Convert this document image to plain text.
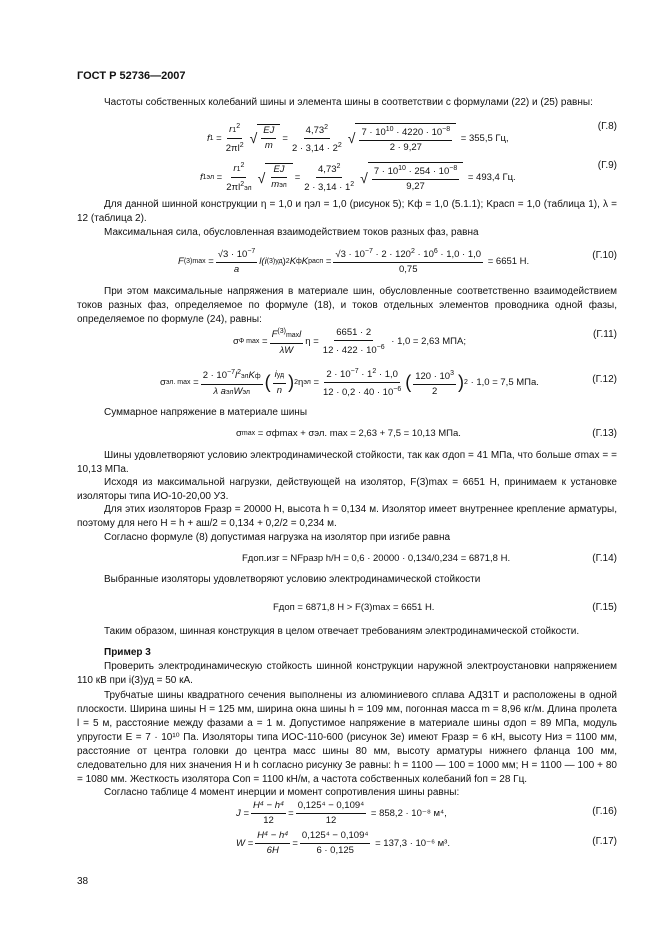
ГОСТ Р 52736—2007
Частоты собственных колебаний шины и элемента шины в соответствии с формулами (22) и (25) равны:
f $1 = \frac{r1^2}{2\pi l^2}$ √ $\frac{EJ}{m} = \frac{4,73^2}{2 \cdot 3,14 \cdot 2^2}$ √ $\frac{7 \cdot 10^{10} \cdot 4220 \cdot 10^{-8}}{2 \cdot 9,27}$
= 355,5 Гц,
(Г.8)
f $1эл = \frac{r1^2}{2\pi l^2эл}$ √ $\frac{EJ}{\text{mэл}} = \frac{4,73^2}{2 \cdot 3,14 \cdot 1^2}$ √ $\frac{7 \cdot 10^{10} \cdot 254 \cdot 10^{-8}}{9,27}$
= 493,4 Гц.
(Г.9)
Для данной шинной конструкции η = 1,0 и ηэл = 1,0 (рисунок 5); Kф = 1,0 (5.1.1); Kрасп = 1,0 (таблица 1), λ = 12 (таблица 2).
Максимальная сила, обусловленная взаимодействием токов разных фаз, равна
F (3) $\max = \frac{√3 \cdot 10^{-7}}{a} l(i$ (3) уд ) 2 K ф K расп = $\frac{√3 \cdot 10^{-7} \cdot 2 \cdot 120^2 \cdot 10^6 \cdot 1,0 \cdot 1,0}{0,75}$
= 6651 Н.
(Г.10)
При этом максимальные напряжения в материале шин, обусловленные соответственно взаимодействием токов разных фаз, определяемое по формуле (18), и токов отдельных элементов проводника одной фазы, определяемое по формуле (24), равны:
σ Ф $\max = \frac{F^{(3)}\max l}{\lambda W}$ $\eta = \frac{6651 \cdot 2}{12 \cdot 422 \cdot 10^{-6}}$
· 1,0 = 2,63 МПА;
(Г.11)
σ эл. $\max = \frac{2 \cdot 10^{-7}l^2элKф}{\text{λ aэлWэл}}$ ( $\frac{\text{iуд}}{n}$ ) 2 η эл = $\frac{2 \cdot 10^{-7} \cdot 1^2 \cdot 1,0}{12 \cdot 0,2 \cdot 40 \cdot 10^{-6}}$ ( $\frac{120 \cdot 10^3}{2}$ ) 2
· 1,0 = 7,5 МПа.	(Г.12)
Суммарное напряжение в материале шины
σ max
= σфmax + σэл. max = 2,63 + 7,5 = 10,13 МПа.	(Г.13)
Шины удовлетворяют условию электродинамической стойкости, так как σдоп = 41 МПа, что больше σmax = = 10,13 МПа.
Исходя из максимальной нагрузки, действующей на изолятор, F(3)max = 6651 Н, принимаем к установке изоляторы типа ИО-10-20,00 У3.
Для этих изоляторов Fразр = 20000 Н, высота h = 0,134 м. Изолятор имеет внутреннее крепление арматуры, поэтому для него H = h + aш/2 = 0,134 + 0,2/2 = 0,234 м.
Согласно формуле (8) допустимая нагрузка на изолятор при изгибе равна
Fдоп.изг = NFразр h/H = 0,6 · 20000 · 0,134/0,234 = 6871,8 Н.	(Г.14)
Выбранные изоляторы удовлетворяют условию электродинамической стойкости
Fдоп = 6871,8 Н > F(3)max = 6651 Н.	(Г.15)
Таким образом, шинная конструкция в целом отвечает требованиям электродинамической стойкости.
Пример 3
Проверить электродинамическую стойкость шинной конструкции наружной электроустановки напряжением 110 кВ при i(3)уд = 50 кА.
Трубчатые шины квадратного сечения выполнены из алюминиевого сплава АД31Т и расположены в одной плоскости. Ширина шины H = 125 мм, ширина окна шины h = 109 мм, погонная масса m = 8,96 кг/м. Длина пролета l = 5 м, расстояние между фазами a = 1 м. Допустимое напряжение в материале шины σдоп = 89 МПа, модуль упругости E = 7 · 10¹⁰ Па. Изоляторы типа ИОС-110-600 (рисунок 3е) имеют Fразр = 6 кН, высоту Hиз = 1100 мм, расстояние от центра головки до центра масс шины 80 мм, высоту арматуры нижнего фланца 100 мм, следовательно для них значения H и h согласно рисунку 3е равны: h = 1100 — 100 = 1000 мм; H = 1100 — 100 + 80 = 1080 мм. Жесткость изолятора Cоп = 1100 кН/м, а частота собственных колебаний fоп = 28 Гц.
Согласно таблице 4 момент инерции и момент сопротивления шины равны:
$J = \frac{\text{H⁴ − h⁴}}{12} = \frac{\text{0,125⁴ − 0,109⁴}}{12}$
= 858,2 · 10⁻⁸ м⁴,	(Г.16)
$W = \frac{\text{H⁴ − h⁴}}{6H} = \frac{\text{0,125⁴ − 0,109⁴}}{6 \cdot 0,125}$
= 137,3 · 10⁻⁶ м³.	(Г.17)
38
